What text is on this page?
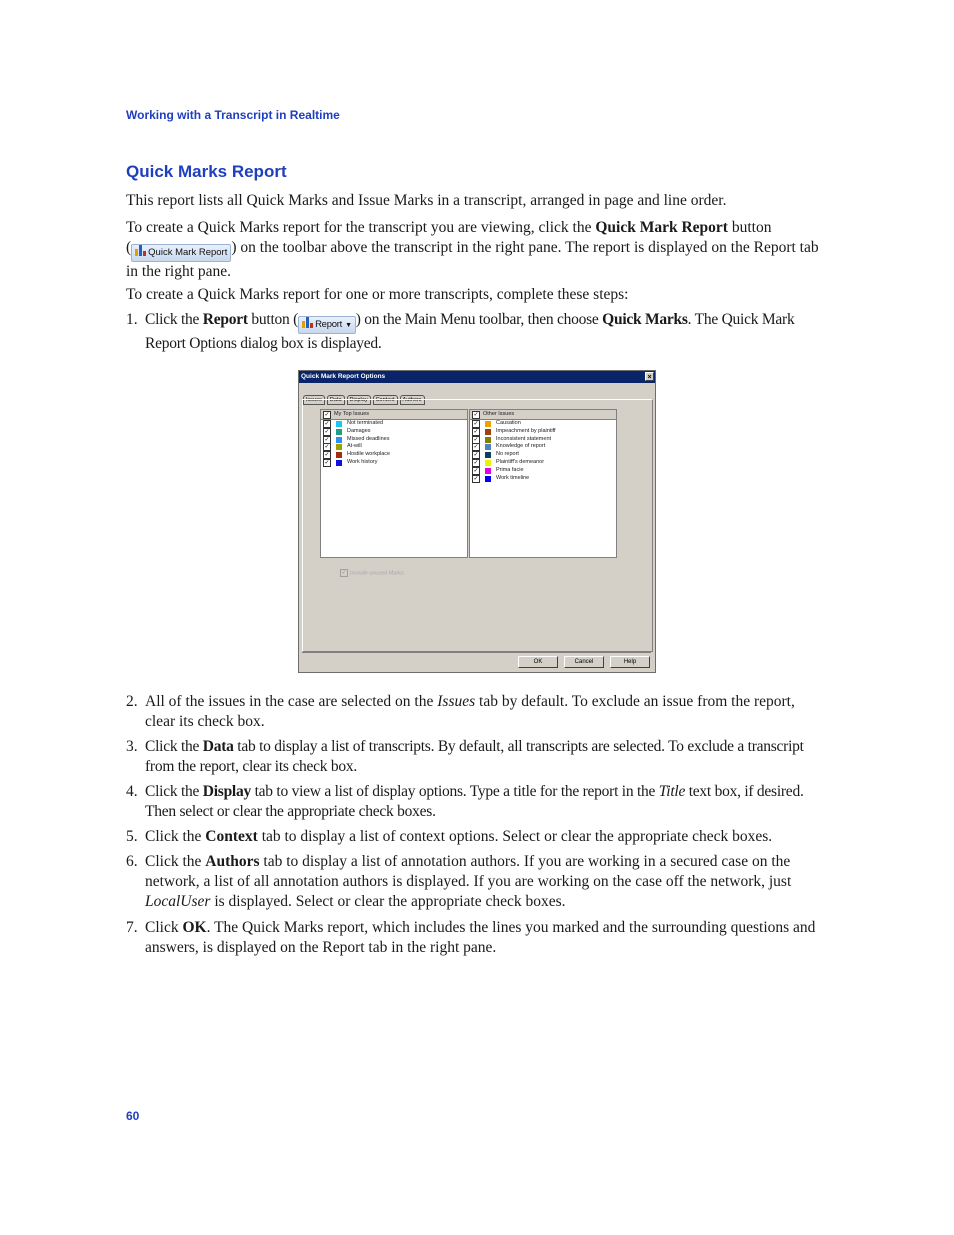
Working with a Transcript in Realtime
Quick Marks Report
This report lists all Quick Marks and Issue Marks in a transcript, arranged in page and line order.
To create a Quick Marks report for the transcript you are viewing, click the Quick Mark Report button
( Quick Mark Report ) on the toolbar above the transcript in the right pane. The report is displayed on the Report tab in the right pane.
To create a Quick Marks report for one or more transcripts, complete these steps:
1. Click the Report button ( Report ▼ ) on the Main Menu toolbar, then choose Quick Marks. The Quick Mark Report Options dialog box is displayed.
Quick Mark Report Options	×
Issues Data Display Context Authors
✓ My Top Issues
✓	Not terminated
✓	Damages
✓	Missed deadlines
✓	At-will
✓	Hostile workplace
✓	Work history
✓ Other Issues
✓	Causation
✓	Impeachment by plaintiff
✓	Inconsistent statement
✓	Knowledge of report
✓	No report
✓	Plaintiff's demeanor
✓	Prima facie
✓	Work timeline
✓ Include unused Marks
OK	Cancel	Help
2. All of the issues in the case are selected on the Issues tab by default. To exclude an issue from the report, clear its check box.
3. Click the Data tab to display a list of transcripts. By default, all transcripts are selected. To exclude a transcript from the report, clear its check box.
4. Click the Display tab to view a list of display options. Type a title for the report in the Title text box, if desired. Then select or clear the appropriate check boxes.
5. Click the Context tab to display a list of context options. Select or clear the appropriate check boxes.
6. Click the Authors tab to display a list of annotation authors. If you are working in a secured case on the network, a list of all annotation authors is displayed. If you are working on the case off the network, just LocalUser is displayed. Select or clear the appropriate check boxes.
7. Click OK. The Quick Marks report, which includes the lines you marked and the surrounding questions and answers, is displayed on the Report tab in the right pane.
60
